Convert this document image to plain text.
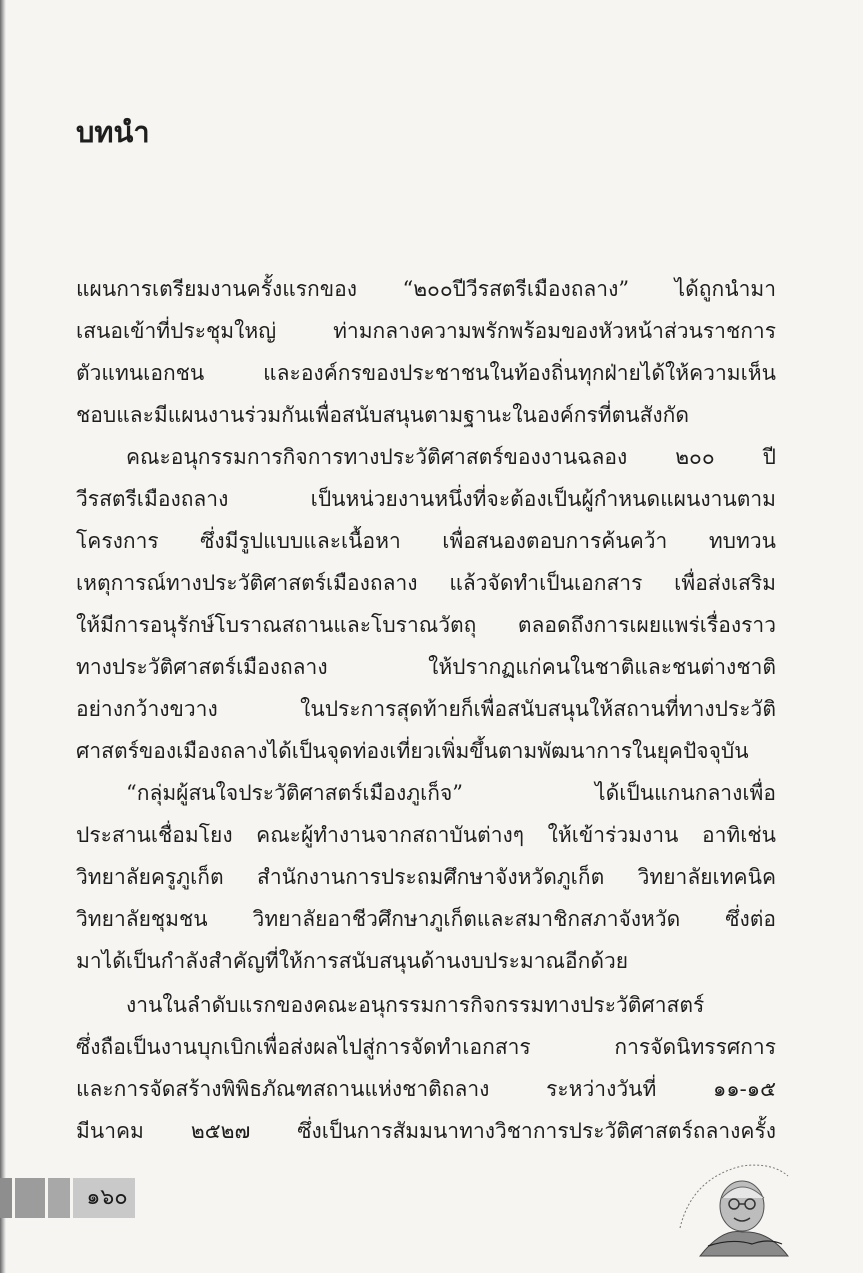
บทนำ
แผนการเตรียมงานครั้งแรกของ “๒๐๐ปีวีรสตรีเมืองถลาง” ได้ถูกนำมา
เสนอเข้าที่ประชุมใหญ่ ท่ามกลางความพรักพร้อมของหัวหน้าส่วนราชการ
ตัวแทนเอกชน และองค์กรของประชาชนในท้องถิ่นทุกฝ่ายได้ให้ความเห็น
ชอบและมีแผนงานร่วมกันเพื่อสนับสนุนตามฐานะในองค์กรที่ตนสังกัด
คณะอนุกรรมการกิจการทางประวัติศาสตร์ของงานฉลอง ๒๐๐ ปี
วีรสตรีเมืองถลาง เป็นหน่วยงานหนึ่งที่จะต้องเป็นผู้กำหนดแผนงานตาม
โครงการ ซึ่งมีรูปแบบและเนื้อหา เพื่อสนองตอบการค้นคว้า ทบทวน
เหตุการณ์ทางประวัติศาสตร์เมืองถลาง แล้วจัดทำเป็นเอกสาร เพื่อส่งเสริม
ให้มีการอนุรักษ์โบราณสถานและโบราณวัตถุ ตลอดถึงการเผยแพร่เรื่องราว
ทางประวัติศาสตร์เมืองถลาง ให้ปรากฏแก่คนในชาติและชนต่างชาติ
อย่างกว้างขวาง ในประการสุดท้ายก็เพื่อสนับสนุนให้สถานที่ทางประวัติ
ศาสตร์ของเมืองถลางได้เป็นจุดท่องเที่ยวเพิ่มขึ้นตามพัฒนาการในยุคปัจจุบัน
“กลุ่มผู้สนใจประวัติศาสตร์เมืองภูเก็จ” ได้เป็นแกนกลางเพื่อ
ประสานเชื่อมโยง คณะผู้ทำงานจากสถาบันต่างๆ ให้เข้าร่วมงาน อาทิเช่น
วิทยาลัยครูภูเก็ต สำนักงานการประถมศึกษาจังหวัดภูเก็ต วิทยาลัยเทคนิค
วิทยาลัยชุมชน วิทยาลัยอาชีวศึกษาภูเก็ตและสมาชิกสภาจังหวัด ซึ่งต่อ
มาได้เป็นกำลังสำคัญที่ให้การสนับสนุนด้านงบประมาณอีกด้วย
งานในลำดับแรกของคณะอนุกรรมการกิจกรรมทางประวัติศาสตร์
ซึ่งถือเป็นงานบุกเบิกเพื่อส่งผลไปสู่การจัดทำเอกสาร การจัดนิทรรศการ
และการจัดสร้างพิพิธภัณฑสถานแห่งชาติถลาง ระหว่างวันที่ ๑๑-๑๕
มีนาคม ๒๕๒๗ ซึ่งเป็นการสัมมนาทางวิชาการประวัติศาสตร์ถลางครั้ง
๑๖๐
